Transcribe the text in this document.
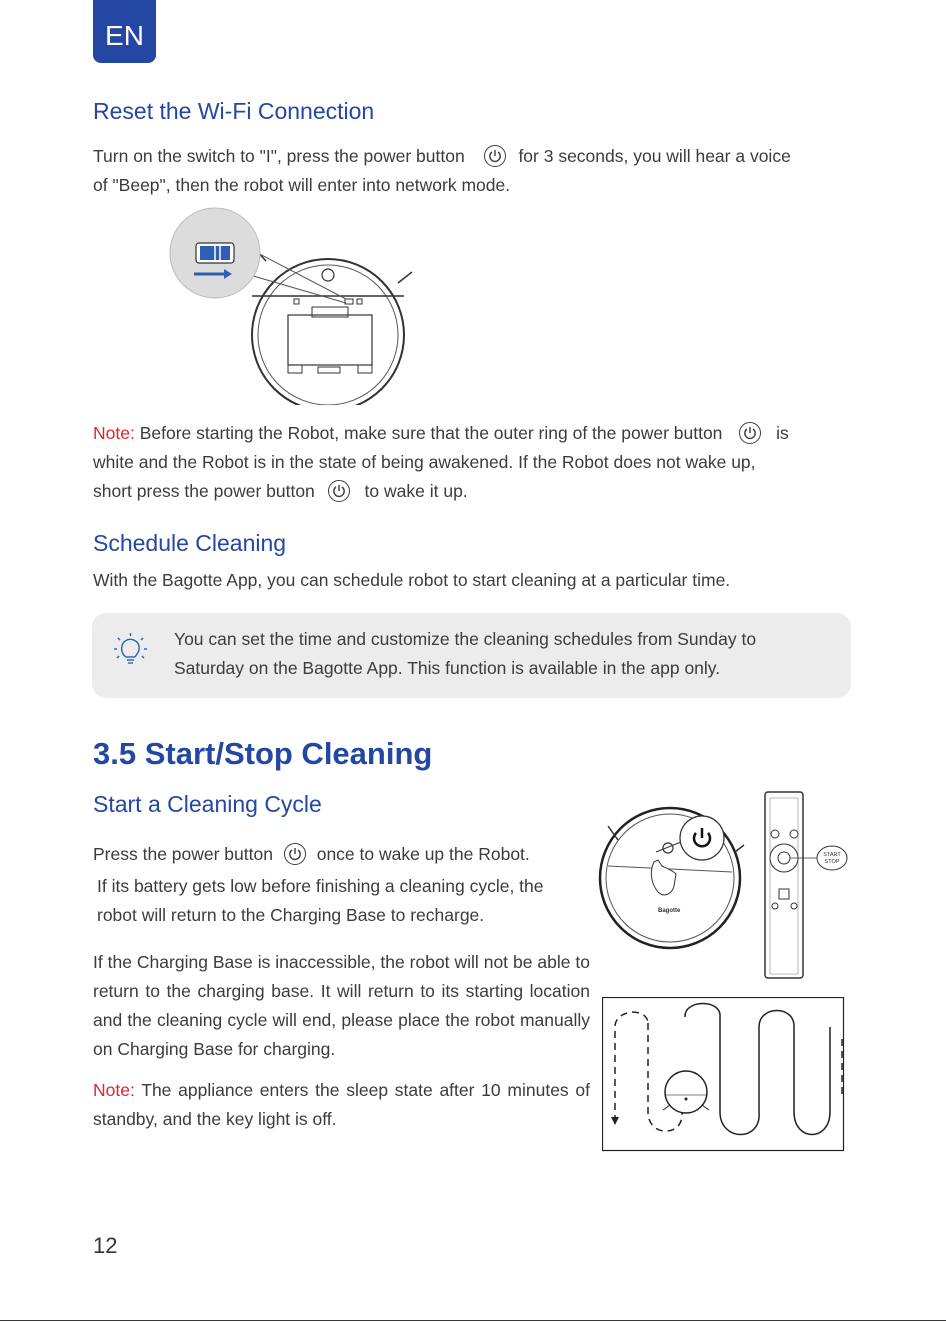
EN
Reset the Wi-Fi Connection
Turn on the switch to "I", press the power button	for 3 seconds, you will hear a voice
of "Beep", then the robot will enter into network mode.
Note: Before starting the Robot, make sure that the outer ring of the power button	is
white and the Robot is in the state of being awakened. If the Robot does not wake up,
short press the power button	to wake it up.
Schedule Cleaning
With the Bagotte App, you can schedule robot to start cleaning at a particular time.
You can set the time and customize the cleaning schedules from Sunday to
Saturday on the Bagotte App. This function is available in the app only.
3.5 Start/Stop Cleaning
Start a Cleaning Cycle
Press the power button	once to wake up the Robot.
If its battery gets low before finishing a cleaning cycle, the
robot will return to the Charging Base to recharge.
If the Charging Base is inaccessible, the robot will not be able to return to the charging base. It will return to its starting location and the cleaning cycle will end, please place the robot manually on Charging Base for charging.
Note: The appliance enters the sleep state after 10 minutes of standby, and the key light is off.
Bagotte
START
STOP
12
